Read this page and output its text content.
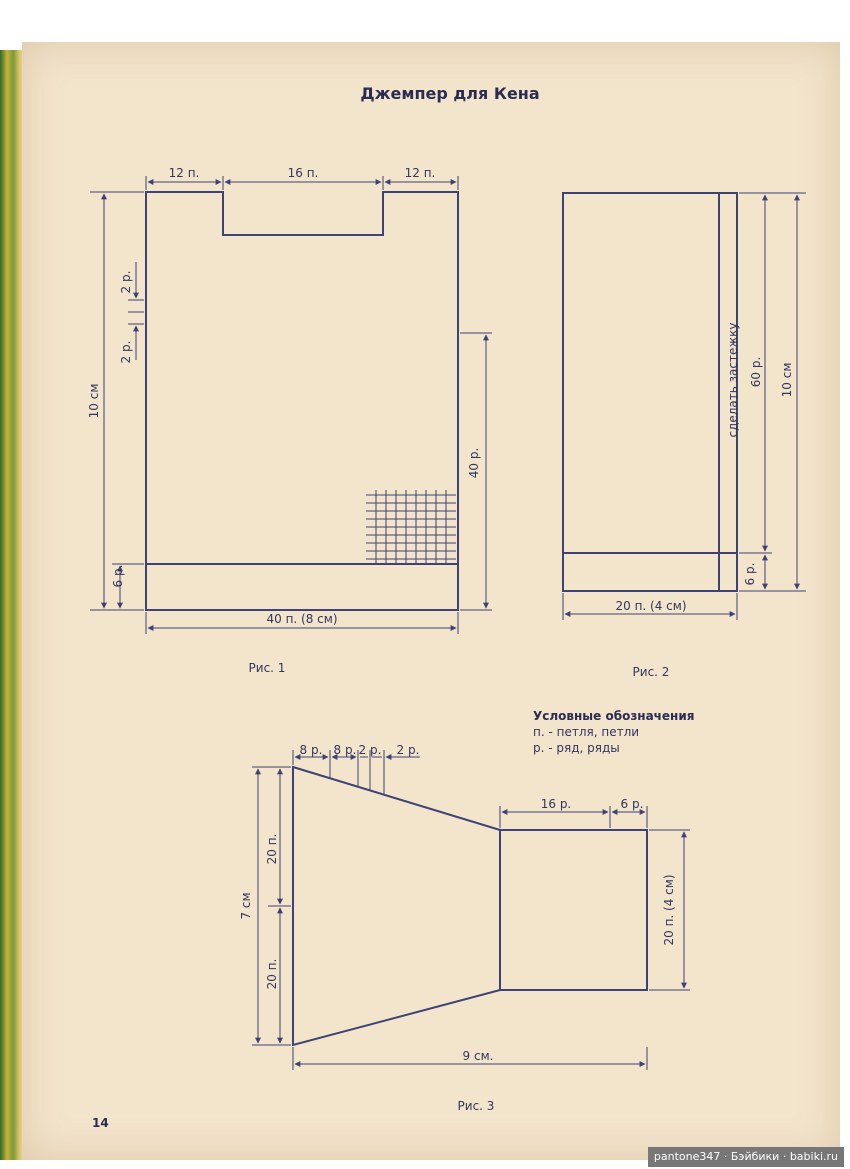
Джемпер для Кена
12 п.	16 п.	12 п.
10 см
2 р.
2 р.
6 р.
40 р.
40 п. (8 см)
Рис. 1
сделать застежку 60 р. 10 см
6 р.
20 п. (4 см)
Рис. 2
Условные обозначения
п. - петля, петли
р. - ряд, ряды
8 р. 8 р. 2 р. 2 р.
16 р.	6 р.
20 п.
20 п.
7 см	20 п. (4 см)
9 см.
Рис. 3
14
pantone347 · Бэйбики · babiki.ru
